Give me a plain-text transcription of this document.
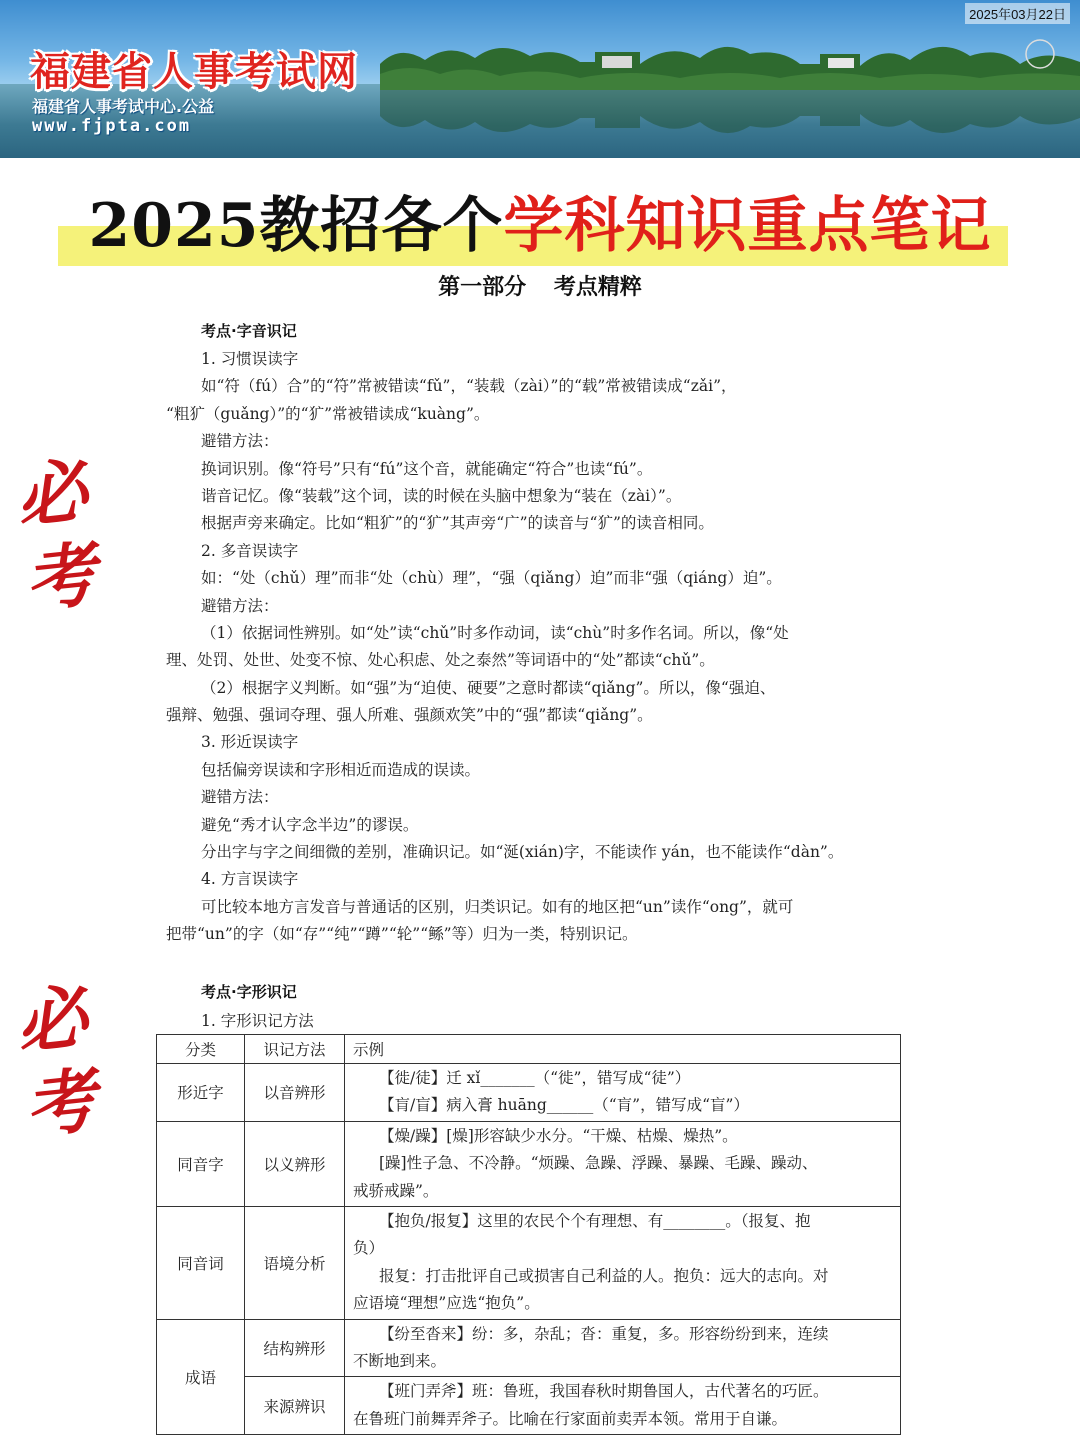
福建省人事考试网
福建省人事考试中心.公益
www.fjpta.com
2025年03月22日
2025教招各个学科知识重点笔记
第一部分 考点精粹
必
考
必
考
考点·字音识记
1. 习惯误读字
如“符（fú）合”的“符”常被错读“fǔ”，“装载（zài）”的“载”常被错读成“zǎi”，
“粗犷（guǎng）”的“犷”常被错读成“kuàng”。
避错方法：
换词识别。像“符号”只有“fú”这个音，就能确定“符合”也读“fú”。
谐音记忆。像“装载”这个词，读的时候在头脑中想象为“装在（zài）”。
根据声旁来确定。比如“粗犷”的“犷”其声旁“广”的读音与“犷”的读音相同。
2. 多音误读字
如：“处（chǔ）理”而非“处（chù）理”，“强（qiǎng）迫”而非“强（qiáng）迫”。
避错方法：
（1）依据词性辨别。如“处”读“chǔ”时多作动词，读“chù”时多作名词。所以，像“处
理、处罚、处世、处变不惊、处心积虑、处之泰然”等词语中的“处”都读“chǔ”。
（2）根据字义判断。如“强”为“迫使、硬要”之意时都读“qiǎng”。所以，像“强迫、
强辩、勉强、强词夺理、强人所难、强颜欢笑”中的“强”都读“qiǎng”。
3. 形近误读字
包括偏旁误读和字形相近而造成的误读。
避错方法：
避免“秀才认字念半边”的谬误。
分出字与字之间细微的差别，准确识记。如“涎(xián)字，不能读作 yán，也不能读作“dàn”。
4. 方言误读字
可比较本地方言发音与普通话的区别，归类识记。如有的地区把“un”读作“ong”，就可
把带“un”的字（如“存”“纯”“蹲”“轮”“鲧”等）归为一类，特别识记。
考点·字形识记
1. 字形识记方法
分类	识记方法	示例
形近字	以音辨形	【徙/徒】迁 xǐ_______（“徙”，错写成“徒”）
【肓/盲】病入膏 huāng______（“肓”，错写成“盲”）

同音字	以义辨形	【燥/躁】[燥]形容缺少水分。“干燥、枯燥、燥热”。
[躁]性子急、不冷静。“烦躁、急躁、浮躁、暴躁、毛躁、躁动、
戒骄戒躁”。

同音词	语境分析	【抱负/报复】这里的农民个个有理想、有________。（报复、抱
负）
报复：打击批评自己或损害自己利益的人。抱负：远大的志向。对
应语境“理想”应选“抱负”。

成语	结构辨形	【纷至沓来】纷：多，杂乱；沓：重复，多。形容纷纷到来，连续
不断地到来。

	来源辨识	【班门弄斧】班：鲁班，我国春秋时期鲁国人，古代著名的巧匠。
在鲁班门前舞弄斧子。比喻在行家面前卖弄本领。常用于自谦。
